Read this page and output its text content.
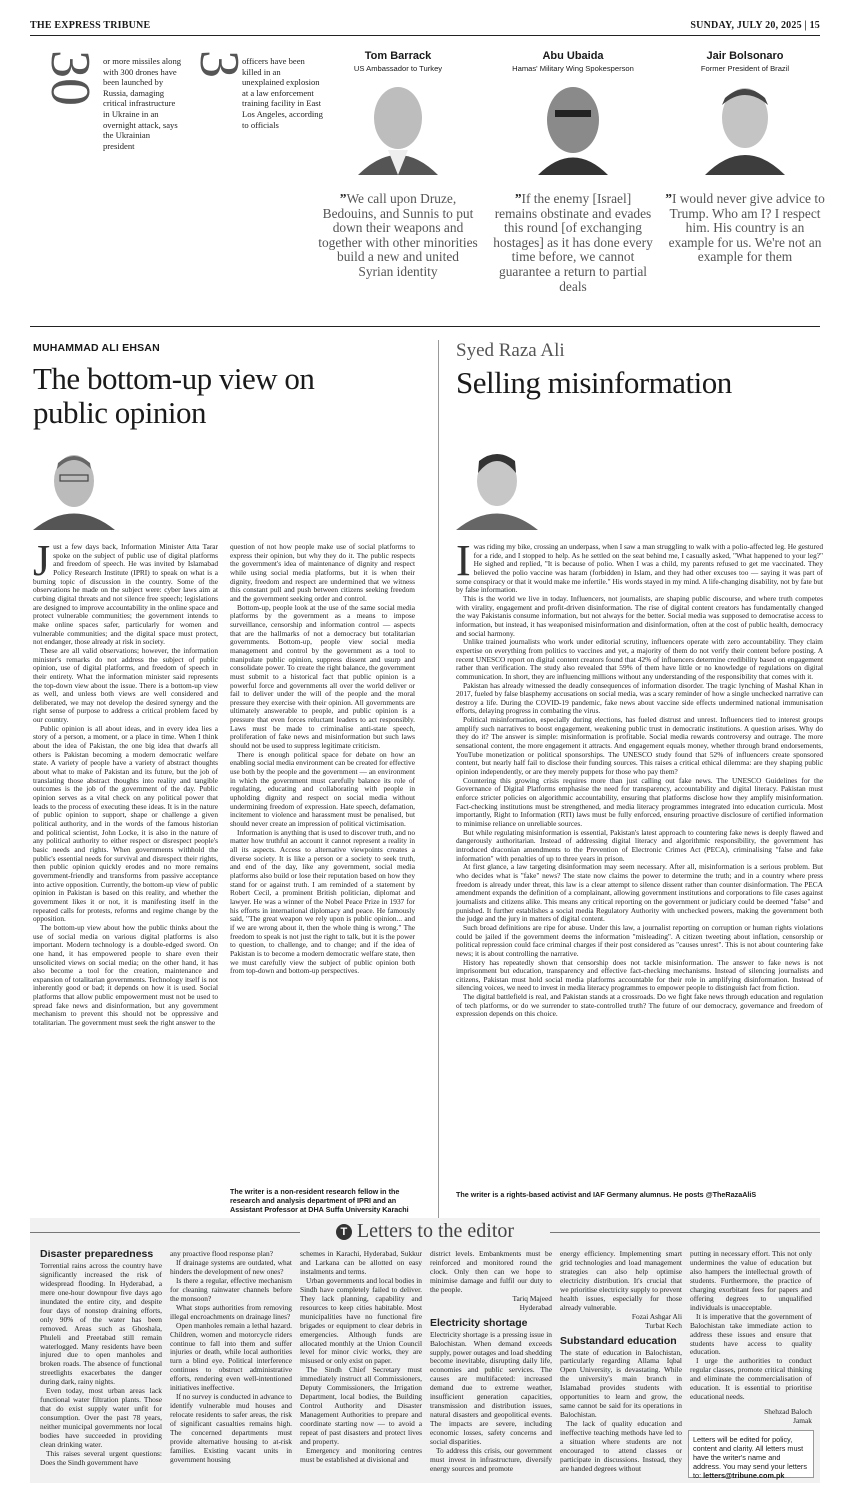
THE EXPRESS TRIBUNE	SUNDAY, JULY 20, 2025 | 15
30 or more missiles along with 300 drones have been launched by Russia, damaging critical infrastructure in Ukraine in an overnight attack, says the Ukrainian president
3
officers have been killed in an unexplained explosion at a law enforcement training facility in East Los Angeles, according to officials
Tom Barrack
US Ambassador to Turkey
”We call upon Druze, Bedouins, and Sunnis to put down their weapons and together with other minorities build a new and united Syrian identity
Abu Ubaida
Hamas' Military Wing Spokesperson
”If the enemy [Israel] remains obstinate and evades this round [of exchanging hostages] as it has done every time before, we cannot guarantee a return to partial deals
Jair Bolsonaro
Former President of Brazil
”I would never give advice to Trump. Who am I? I respect him. His country is an example for us. We're not an example for them
MUHAMMAD ALI EHSAN
The bottom-up view on public opinion
J ust a few days back, Information Minister Atta Tarar spoke on the subject of public use of digital platforms and freedom of speech. He was invited by Islamabad Policy Research Institute (IPRI) to speak on what is a burning topic of discussion in the country. Some of the observations he made on the subject were: cyber laws aim at curbing digital threats and not silence free speech; legislations are designed to improve accountability in the online space and protect vulnerable communities; the government intends to make online spaces safer, particularly for women and vulnerable communities; and the digital space must protect, not endanger, those already at risk in society.

These are all valid observations; however, the information minister's remarks do not address the subject of public opinion, use of digital platforms, and freedom of speech in their entirety. What the information minister said represents the top-down view about the issue. There is a bottom-up view as well, and unless both views are well considered and deliberated, we may not develop the desired synergy and the right sense of purpose to address a critical problem faced by our country.

Public opinion is all about ideas, and in every idea lies a story of a person, a moment, or a place in time. When I think about the idea of Pakistan, the one big idea that dwarfs all others is Pakistan becoming a modern democratic welfare state. A variety of people have a variety of abstract thoughts about what to make of Pakistan and its future, but the job of translating those abstract thoughts into reality and tangible outcomes is the job of the government of the day. Public opinion serves as a vital check on any political power that leads to the process of executing these ideas. It is in the nature of public opinion to support, shape or challenge a given political authority, and in the words of the famous historian and political scientist, John Locke, it is also in the nature of any political authority to either respect or disrespect people's basic needs and rights. When governments withhold the public's essential needs for survival and disrespect their rights, then public opinion quickly erodes and no more remains government-friendly and transforms from passive acceptance into active opposition. Currently, the bottom-up view of public opinion in Pakistan is based on this reality, and whether the government likes it or not, it is manifesting itself in the repeated calls for protests, reforms and regime change by the opposition.

The bottom-up view about how the public thinks about the use of social media on various digital platforms is also important. Modern technology is a double-edged sword. On one hand, it has empowered people to share even their unsolicited views on social media; on the other hand, it has also become a tool for the creation, maintenance and expansion of totalitarian governments. Technology itself is not inherently good or bad; it depends on how it is used. Social platforms that allow public empowerment must not be used to spread fake news and disinformation, but any government mechanism to prevent this should not be oppressive and totalitarian. The government must seek the right answer to the

question of not how people make use of social platforms to express their opinion, but why they do it. The public respects the government's idea of maintenance of dignity and respect while using social media platforms, but it is when their dignity, freedom and respect are undermined that we witness this constant pull and push between citizens seeking freedom and the government seeking order and control.

Bottom-up, people look at the use of the same social media platforms by the government as a means to impose surveillance, censorship and information control — aspects that are the hallmarks of not a democracy but totalitarian governments. Bottom-up, people view social media management and control by the government as a tool to manipulate public opinion, suppress dissent and usurp and consolidate power. To create the right balance, the government must submit to a historical fact that public opinion is a powerful force and governments all over the world deliver or fail to deliver under the will of the people and the moral pressure they exercise with their opinion. All governments are ultimately answerable to people, and public opinion is a pressure that even forces reluctant leaders to act responsibly. Laws must be made to criminalise anti-state speech, proliferation of fake news and misinformation but such laws should not be used to suppress legitimate criticism.

There is enough political space for debate on how an enabling social media environment can be created for effective use both by the people and the government — an environment in which the government must carefully balance its role of regulating, educating and collaborating with people in upholding dignity and respect on social media without undermining freedom of expression. Hate speech, defamation, incitement to violence and harassment must be penalised, but should never create an impression of political victimisation.

Information is anything that is used to discover truth, and no matter how truthful an account it cannot represent a reality in all its aspects. Access to alternative viewpoints creates a diverse society. It is like a person or a society to seek truth, and end of the day, like any government, social media platforms also build or lose their reputation based on how they stand for or against truth. I am reminded of a statement by Robert Cecil, a prominent British politician, diplomat and lawyer. He was a winner of the Nobel Peace Prize in 1937 for his efforts in international diplomacy and peace. He famously said, "The great weapon we rely upon is public opinion... and if we are wrong about it, then the whole thing is wrong." The freedom to speak is not just the right to talk, but it is the power to question, to challenge, and to change; and if the idea of Pakistan is to become a modern democratic welfare state, then we must carefully view the subject of public opinion both from top-down and bottom-up perspectives.

The writer is a non-resident research fellow in the research and analysis department of IPRI and an Assistant Professor at DHA Suffa University Karachi
Syed Raza Ali
Selling misinformation
I was riding my bike, crossing an underpass, when I saw a man struggling to walk with a polio-affected leg. He gestured for a ride, and I stopped to help. As he settled on the seat behind me, I casually asked, "What happened to your leg?" He sighed and replied, "It is because of polio. When I was a child, my parents refused to get me vaccinated. They believed the polio vaccine was haram (forbidden) in Islam, and they had other excuses too — saying it was part of some conspiracy or that it would make me infertile." His words stayed in my mind. A life-changing disability, not by fate but by false information.

This is the world we live in today. Influencers, not journalists, are shaping public discourse, and where truth competes with virality, engagement and profit-driven disinformation. The rise of digital content creators has fundamentally changed the way Pakistanis consume information, but not always for the better. Social media was supposed to democratise access to information, but instead, it has weaponised misinformation and disinformation, often at the cost of public health, democracy and social harmony.

Unlike trained journalists who work under editorial scrutiny, influencers operate with zero accountability. They claim expertise on everything from politics to vaccines and yet, a majority of them do not verify their content before posting. A recent UNESCO report on digital content creators found that 42% of influencers determine credibility based on engagement rather than verification. The study also revealed that 59% of them have little or no knowledge of regulations on digital communication. In short, they are influencing millions without any understanding of the responsibility that comes with it.

Pakistan has already witnessed the deadly consequences of information disorder. The tragic lynching of Mashal Khan in 2017, fueled by false blasphemy accusations on social media, was a scary reminder of how a single unchecked narrative can destroy a life. During the COVID-19 pandemic, fake news about vaccine side effects undermined national immunisation efforts, delaying progress in combating the virus.

Political misinformation, especially during elections, has fueled distrust and unrest. Influencers tied to interest groups amplify such narratives to boost engagement, weakening public trust in democratic institutions. A question arises. Why do they do it? The answer is simple: misinformation is profitable. Social media rewards controversy and outrage. The more sensational content, the more engagement it attracts. And engagement equals money, whether through brand endorsements, YouTube monetization or political sponsorships. The UNESCO study found that 52% of influencers create sponsored content, but nearly half fail to disclose their funding sources. This raises a critical ethical dilemma: are they shaping public opinion independently, or are they merely puppets for those who pay them?

Countering this growing crisis requires more than just calling out fake news. The UNESCO Guidelines for the Governance of Digital Platforms emphasise the need for transparency, accountability and digital literacy. Pakistan must enforce stricter policies on algorithmic accountability, ensuring that platforms disclose how they amplify misinformation. Fact-checking institutions must be strengthened, and media literacy programmes integrated into education curricula. Most importantly, Right to Information (RTI) laws must be fully enforced, ensuring proactive disclosure of certified information to minimise reliance on unreliable sources.

But while regulating misinformation is essential, Pakistan's latest approach to countering fake news is deeply flawed and dangerously authoritarian. Instead of addressing digital literacy and algorithmic responsibility, the government has introduced draconian amendments to the Prevention of Electronic Crimes Act (PECA), criminalising "false and fake information" with penalties of up to three years in prison.

At first glance, a law targeting disinformation may seem necessary. After all, misinformation is a serious problem. But who decides what is "fake" news? The state now claims the power to determine the truth; and in a country where press freedom is already under threat, this law is a clear attempt to silence dissent rather than counter disinformation. The PECA amendment expands the definition of a complainant, allowing government institutions and corporations to file cases against journalists and citizens alike. This means any critical reporting on the government or judiciary could be deemed "false" and punished. It further establishes a social media Regulatory Authority with unchecked powers, making the government both the judge and the jury in matters of digital content.

Such broad definitions are ripe for abuse. Under this law, a journalist reporting on corruption or human rights violations could be jailed if the government deems the information "misleading". A citizen tweeting about inflation, censorship or political repression could face criminal charges if their post considered as "causes unrest". This is not about countering fake news; it is about controlling the narrative.

History has repeatedly shown that censorship does not tackle misinformation. The answer to fake news is not imprisonment but education, transparency and effective fact-checking mechanisms. Instead of silencing journalists and citizens, Pakistan must hold social media platforms accountable for their role in amplifying disinformation. Instead of silencing voices, we need to invest in media literacy programmes to empower people to distinguish fact from fiction.

The digital battlefield is real, and Pakistan stands at a crossroads. Do we fight fake news through education and regulation of tech platforms, or do we surrender to state-controlled truth? The future of our democracy, governance and freedom of expression depends on this choice.

The writer is a rights-based activist and IAF Germany alumnus. He posts @TheRazaAliS
T Letters to the editor
Disaster preparedness

Torrential rains across the country have significantly increased the risk of widespread flooding. In Hyderabad, a mere one-hour downpour five days ago inundated the entire city, and despite four days of nonstop draining efforts, only 90% of the water has been removed. Areas such as Ghoshala, Phuleli and Preetabad still remain waterlogged. Many residents have been injured due to open manholes and broken roads. The absence of functional streetlights exacerbates the danger during dark, rainy nights.

Even today, most urban areas lack functional water filtration plants. Those that do exist supply water unfit for consumption. Over the past 78 years, neither municipal governments nor local bodies have succeeded in providing clean drinking water.

This raises several urgent questions: Does the Sindh government have

any proactive flood response plan?

If drainage systems are outdated, what hinders the development of new ones?

Is there a regular, effective mechanism for cleaning rainwater channels before the monsoon?

What stops authorities from removing illegal encroachments on drainage lines?

Open manholes remain a lethal hazard. Children, women and motorcycle riders continue to fall into them and suffer injuries or death, while local authorities turn a blind eye. Political interference continues to obstruct administrative efforts, rendering even well-intentioned initiatives ineffective.

If no survey is conducted in advance to identify vulnerable mud houses and relocate residents to safer areas, the risk of significant casualties remains high. The concerned departments must provide alternative housing to at-risk families. Existing vacant units in government housing

schemes in Karachi, Hyderabad, Sukkur and Larkana can be allotted on easy instalments and terms.

Urban governments and local bodies in Sindh have completely failed to deliver. They lack planning, capability and resources to keep cities habitable. Most municipalities have no functional fire brigades or equipment to clear debris in emergencies. Although funds are allocated monthly at the Union Council level for minor civic works, they are misused or only exist on paper.

The Sindh Chief Secretary must immediately instruct all Commissioners, Deputy Commissioners, the Irrigation Department, local bodies, the Building Control Authority and Disaster Management Authorities to prepare and coordinate starting now — to avoid a repeat of past disasters and protect lives and property.

Emergency and monitoring centres must be established at divisional and

district levels. Embankments must be reinforced and monitored round the clock. Only then can we hope to minimise damage and fulfil our duty to the people.

Tariq Majeed
Hyderabad
Electricity shortage

Electricity shortage is a pressing issue in Balochistan. When demand exceeds supply, power outages and load shedding become inevitable, disrupting daily life, economies and public services. The causes are multifaceted: increased demand due to extreme weather, insufficient generation capacities, transmission and distribution issues, natural disasters and geopolitical events. The impacts are severe, including economic losses, safety concerns and social disparities.

To address this crisis, our government must invest in infrastructure, diversify energy sources and promote

energy efficiency. Implementing smart grid technologies and load management strategies can also help optimise electricity distribution. It's crucial that we prioritise electricity supply to prevent health issues, especially for those already vulnerable.

Fozai Ashgar Ali
Turbat Kech
Substandard education

The state of education in Balochistan, particularly regarding Allama Iqbal Open University, is devastating. While the university's main branch in Islamabad provides students with opportunities to learn and grow, the same cannot be said for its operations in Balochistan.

The lack of quality education and ineffective teaching methods have led to a situation where students are not encouraged to attend classes or participate in discussions. Instead, they are handed degrees without

putting in necessary effort. This not only undermines the value of education but also hampers the intellectual growth of students. Furthermore, the practice of charging exorbitant fees for papers and offering degrees to unqualified individuals is unacceptable.

It is imperative that the government of Balochistan take immediate action to address these issues and ensure that students have access to quality education.

I urge the authorities to conduct regular classes, promote critical thinking and eliminate the commercialisation of education. It is essential to prioritise educational needs.

Shehzad Baloch
Jamak
Letters will be edited for policy, content and clarity. All letters must have the writer's name and address. You may send your letters to: letters@tribune.com.pk
